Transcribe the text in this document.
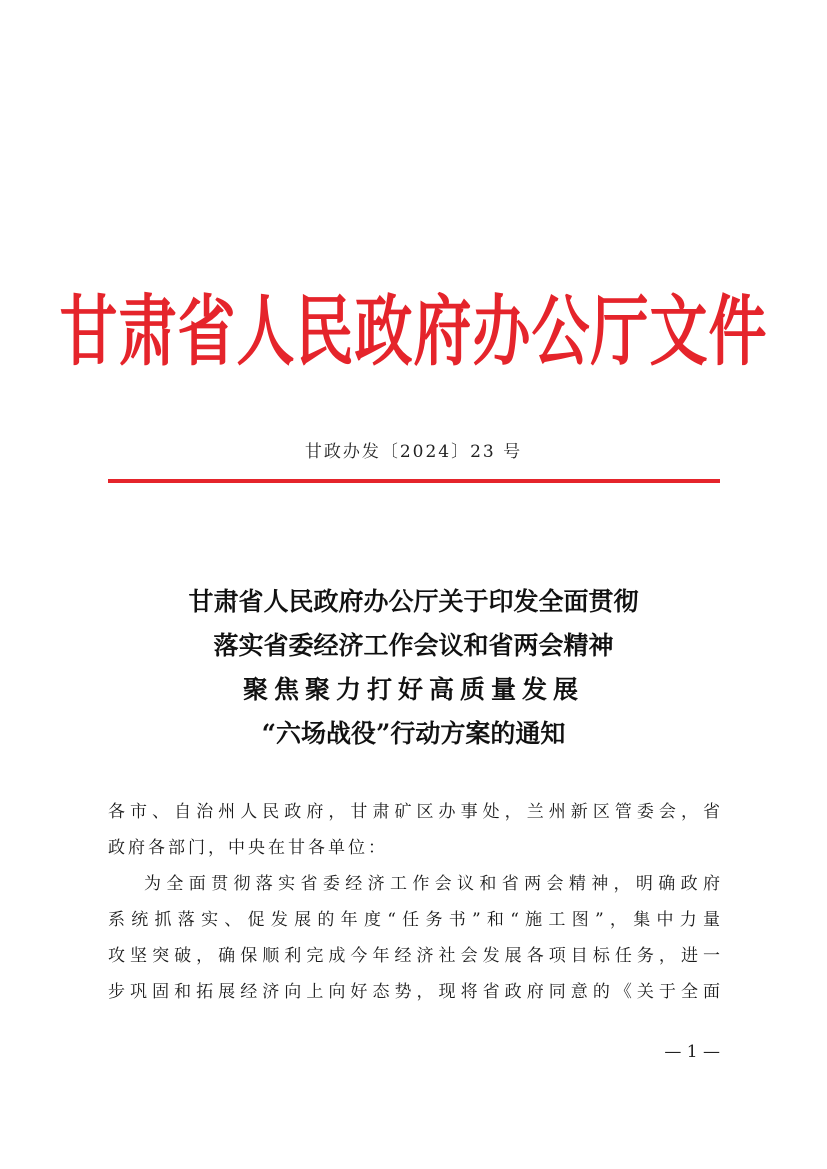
甘肃省人民政府办公厅文件
甘政办发〔2024〕23 号
甘肃省人民政府办公厅关于印发全面贯彻
落实省委经济工作会议和省两会精神
聚焦聚力打好高质量发展
“六场战役”行动方案的通知
各市、自治州人民政府，甘肃矿区办事处，兰州新区管委会，省
政府各部门，中央在甘各单位：
为全面贯彻落实省委经济工作会议和省两会精神，明确政府
系统抓落实、促发展的年度“任务书”和“施工图”，集中力量
攻坚突破，确保顺利完成今年经济社会发展各项目标任务，进一
步巩固和拓展经济向上向好态势，现将省政府同意的《关于全面
— 1 —
